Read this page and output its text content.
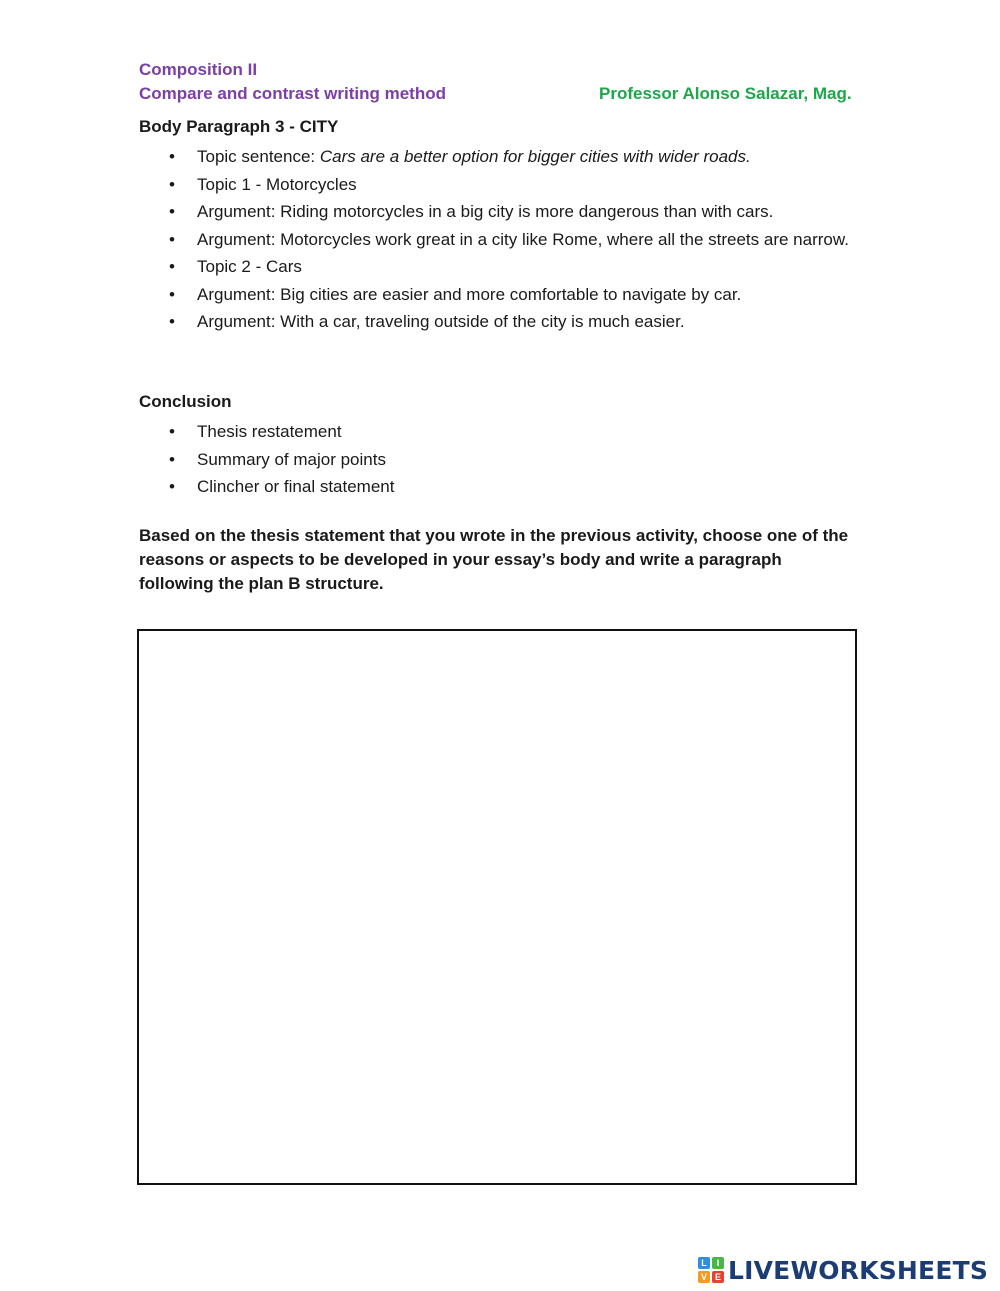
Composition II
Compare and contrast writing method	Professor Alonso Salazar, Mag.

Body Paragraph 3 - CITY

• Topic sentence: Cars are a better option for bigger cities with wider roads.
• Topic 1 - Motorcycles
• Argument: Riding motorcycles in a big city is more dangerous than with cars.
• Argument: Motorcycles work great in a city like Rome, where all the streets are narrow.
• Topic 2 - Cars
• Argument: Big cities are easier and more comfortable to navigate by car.
• Argument: With a car, traveling outside of the city is much easier.

Conclusion

• Thesis restatement
• Summary of major points
• Clincher or final statement
Based on the thesis statement that you wrote in the previous activity, choose one of the reasons or aspects to be developed in your essay’s body and write a paragraph following the plan B structure.
L	I
V E LIVEWORKSHEETS
